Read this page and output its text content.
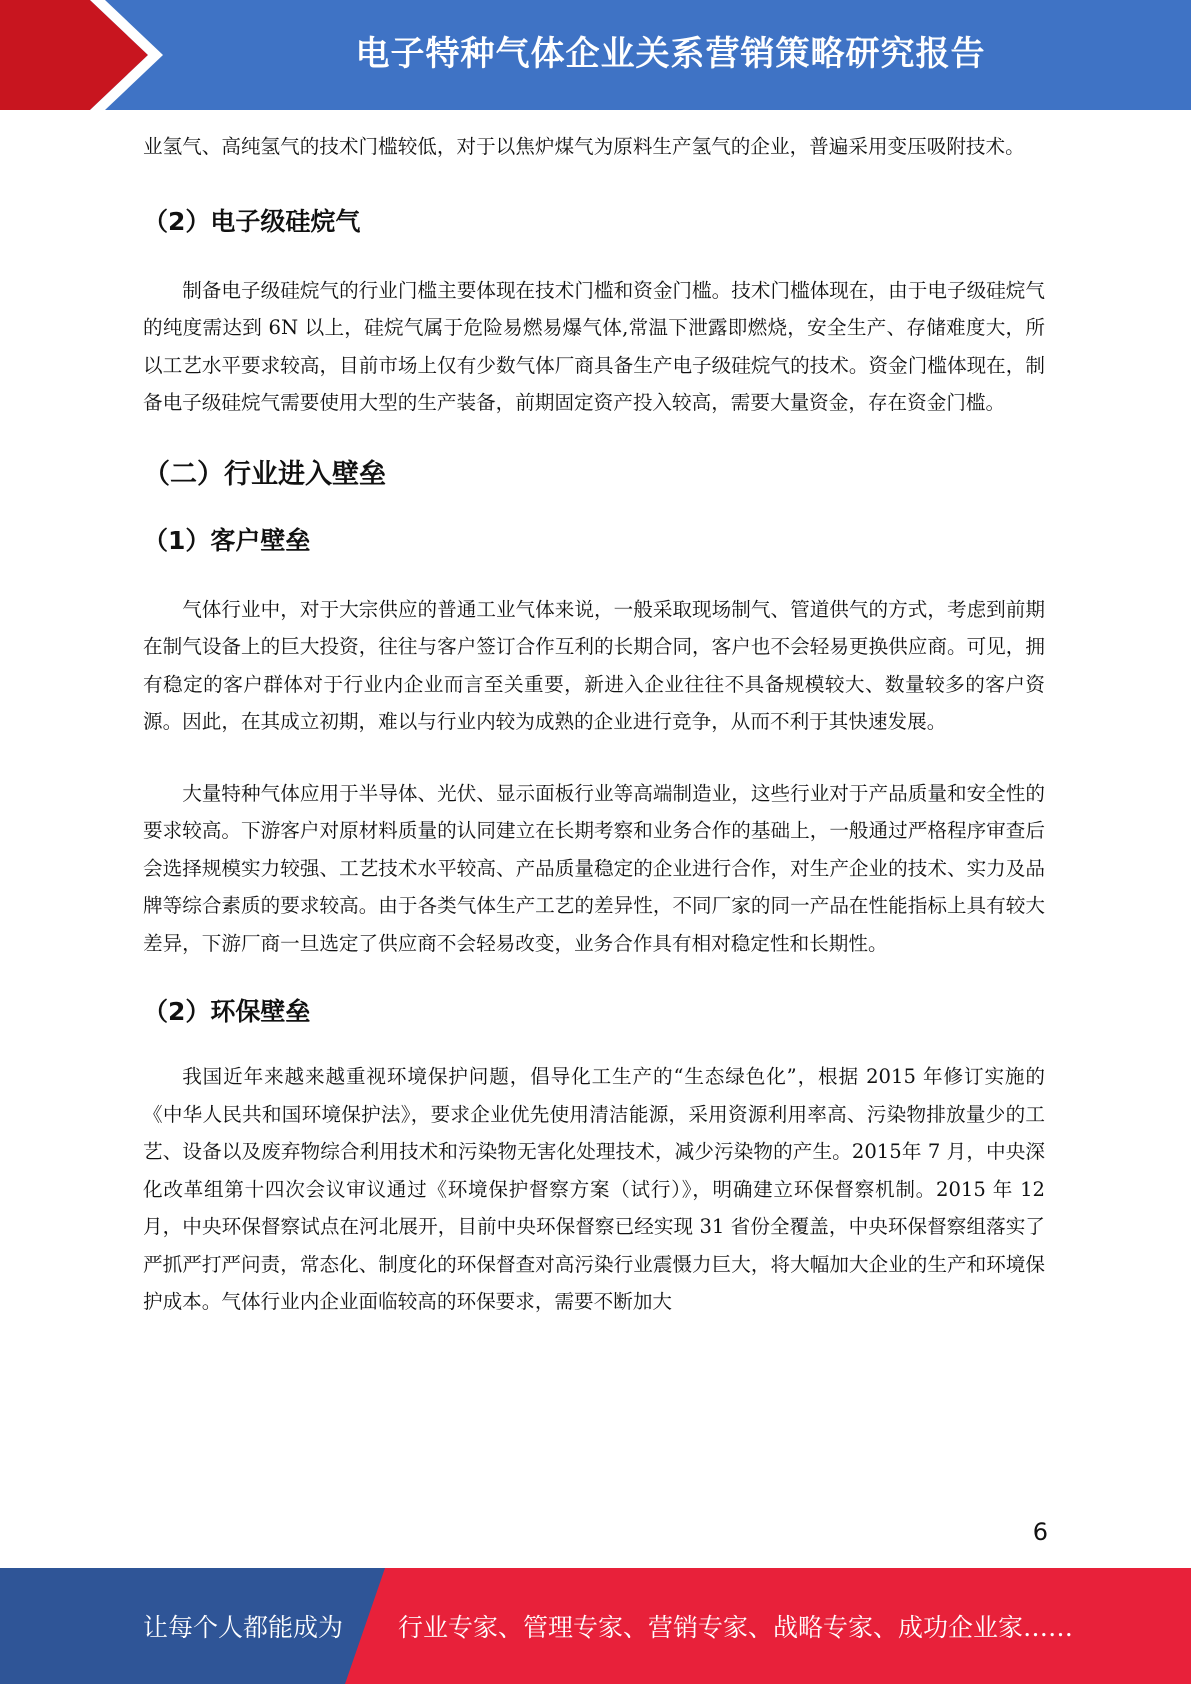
电子特种气体企业关系营销策略研究报告

业氢气、高纯氢气的技术门槛较低，对于以焦炉煤气为原料生产氢气的企业，普遍采用变压吸附技术。

（2）电子级硅烷气

制备电子级硅烷气的行业门槛主要体现在技术门槛和资金门槛。技术门槛体现在，由于电子级硅烷气的纯度需达到 6N 以上，硅烷气属于危险易燃易爆气体,常温下泄露即燃烧，安全生产、存储难度大，所以工艺水平要求较高，目前市场上仅有少数气体厂商具备生产电子级硅烷气的技术。资金门槛体现在，制备电子级硅烷气需要使用大型的生产装备，前期固定资产投入较高，需要大量资金，存在资金门槛。

（二）行业进入壁垒
（1）客户壁垒

气体行业中，对于大宗供应的普通工业气体来说，一般采取现场制气、管道供气的方式，考虑到前期在制气设备上的巨大投资，往往与客户签订合作互利的长期合同，客户也不会轻易更换供应商。可见，拥有稳定的客户群体对于行业内企业而言至关重要，新进入企业往往不具备规模较大、数量较多的客户资源。因此，在其成立初期，难以与行业内较为成熟的企业进行竞争，从而不利于其快速发展。

大量特种气体应用于半导体、光伏、显示面板行业等高端制造业，这些行业对于产品质量和安全性的要求较高。下游客户对原材料质量的认同建立在长期考察和业务合作的基础上，一般通过严格程序审查后会选择规模实力较强、工艺技术水平较高、产品质量稳定的企业进行合作，对生产企业的技术、实力及品牌等综合素质的要求较高。由于各类气体生产工艺的差异性，不同厂家的同一产品在性能指标上具有较大差异，下游厂商一旦选定了供应商不会轻易改变，业务合作具有相对稳定性和长期性。

（2）环保壁垒

我国近年来越来越重视环境保护问题，倡导化工生产的“生态绿色化”，根据 2015 年修订实施的《中华人民共和国环境保护法》，要求企业优先使用清洁能源，采用资源利用率高、污染物排放量少的工艺、设备以及废弃物综合利用技术和污染物无害化处理技术，减少污染物的产生。2015年 7 月，中央深化改革组第十四次会议审议通过《环境保护督察方案（试行）》，明确建立环保督察机制。2015 年 12 月，中央环保督察试点在河北展开，目前中央环保督察已经实现 31 省份全覆盖，中央环保督察组落实了严抓严打严问责，常态化、制度化的环保督查对高污染行业震慑力巨大，将大幅加大企业的生产和环境保护成本。气体行业内企业面临较高的环保要求，需要不断加大

6
让每个人都能成为 行业专家、管理专家、营销专家、战略专家、成功企业家……
